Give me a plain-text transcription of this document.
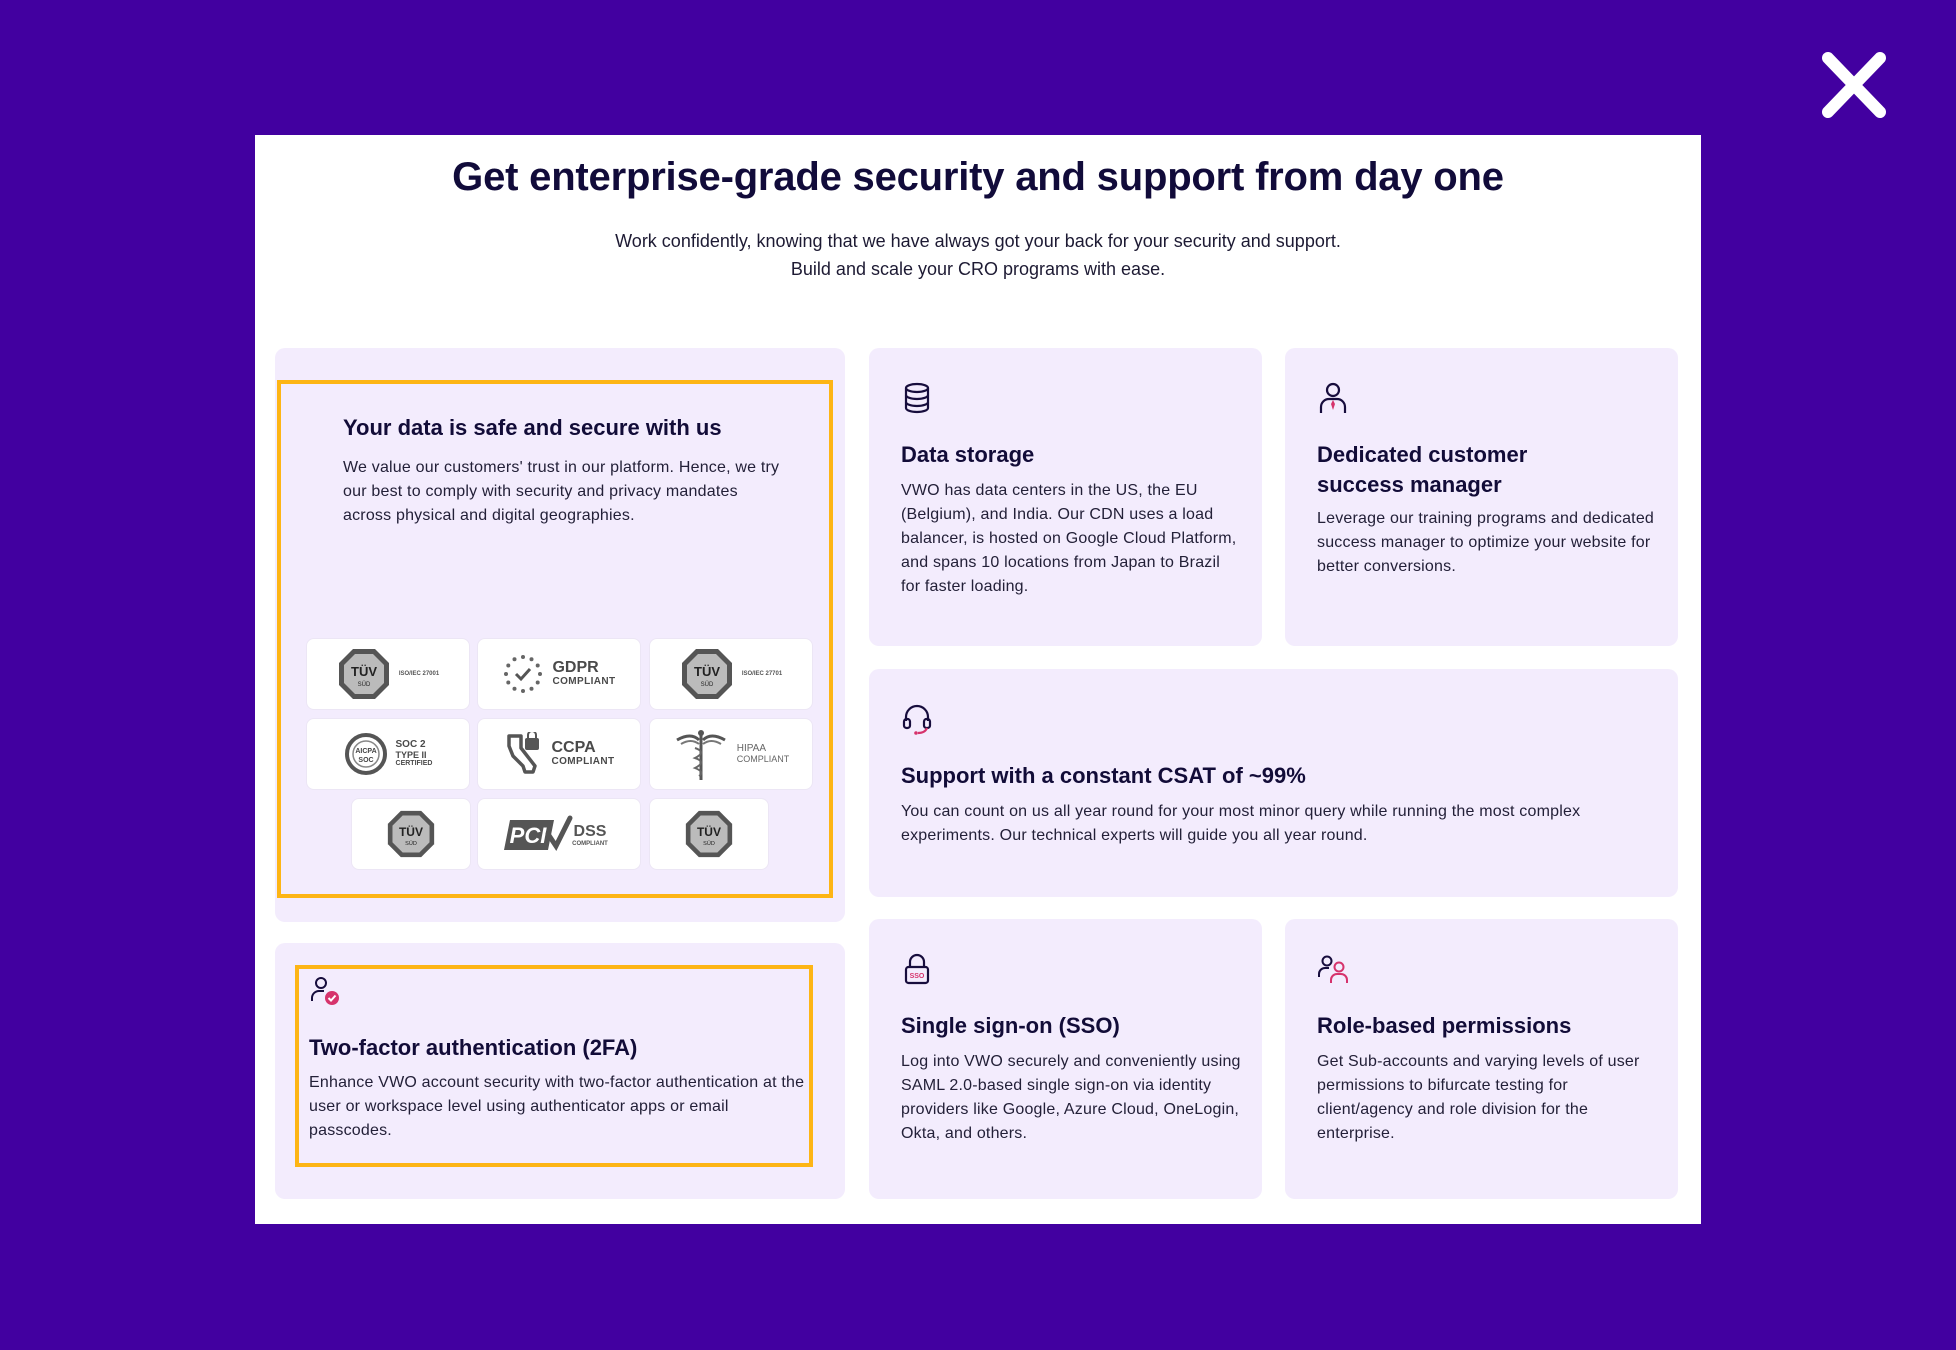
Get enterprise-grade security and support from day one

Work confidently, knowing that we have always got your back for your security and support. Build and scale your CRO programs with ease.

Your data is safe and secure with us

We value our customers' trust in our platform. Hence, we try our best to comply with security and privacy mandates across physical and digital geographies.

TÜV
SÜD
ISO/IEC 27001	GDPR
COMPLIANT
TÜV
SÜD
ISO/IEC 27701
AICPA
SOC
SOC 2
TYPE II
CERTIFIED
CCPA
COMPLIANT
HIPAA
COMPLIANT
TÜV
SÜD	PCI DSS
COMPLIANT
TÜV
SÜD
Data storage

VWO has data centers in the US, the EU (Belgium), and India. Our CDN uses a load balancer, is hosted on Google Cloud Platform, and spans 10 locations from Japan to Brazil for faster loading.

Dedicated customer success manager

Leverage our training programs and dedicated success manager to optimize your website for better conversions.

Support with a constant CSAT of ~99%

You can count on us all year round for your most minor query while running the most complex experiments. Our technical experts will guide you all year round.

Two-factor authentication (2FA)

Enhance VWO account security with two-factor authentication at the user or workspace level using authenticator apps or email passcodes.

SSO
Single sign-on (SSO)

Log into VWO securely and conveniently using SAML 2.0-based single sign-on via identity providers like Google, Azure Cloud, OneLogin, Okta, and others.

Role-based permissions

Get Sub-accounts and varying levels of user permissions to bifurcate testing for client/agency and role division for the enterprise.
